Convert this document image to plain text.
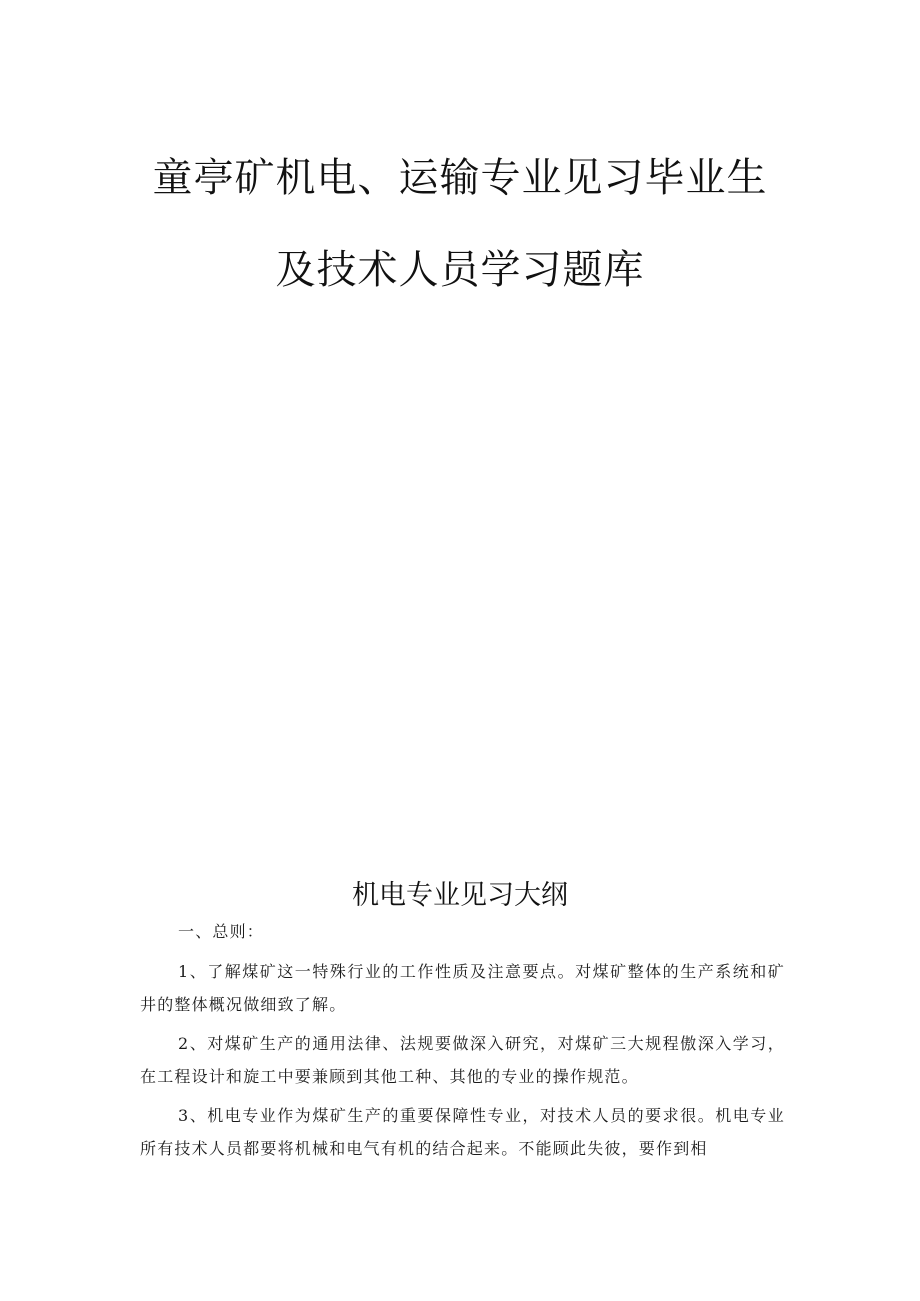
童亭矿机电、运输专业见习毕业生
及技术人员学习题库
机电专业见习大纲

一、总则：

1、了解煤矿这一特殊行业的工作性质及注意要点。对煤矿整体的生产系统和矿井的整体概况做细致了解。

2、对煤矿生产的通用法律、法规要做深入研究，对煤矿三大规程傲深入学习，在工程设计和旋工中要兼顾到其他工种、其他的专业的操作规范。

3、机电专业作为煤矿生产的重要保障性专业，对技术人员的要求很。机电专业所有技术人员都要将机械和电气有机的结合起来。不能顾此失彼，要作到相
